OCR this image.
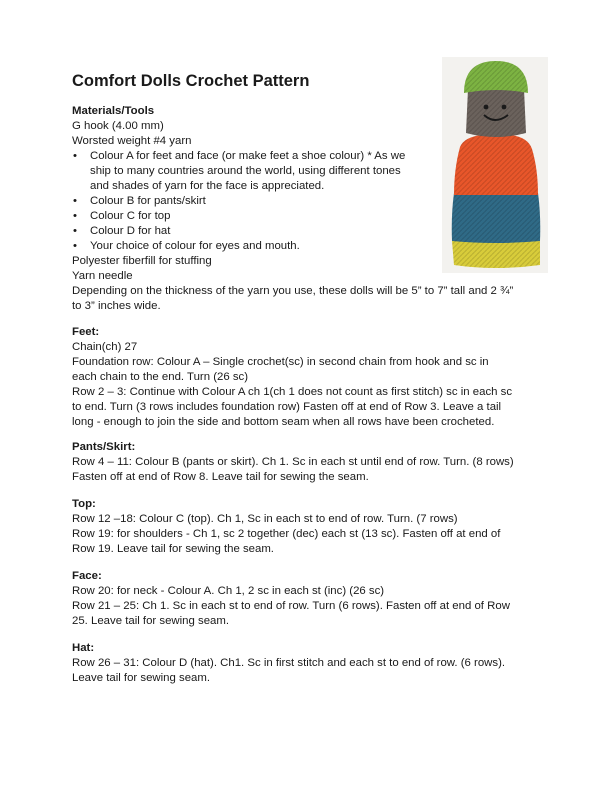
Comfort Dolls Crochet Pattern
Materials/Tools
G hook (4.00 mm)
Worsted weight #4 yarn
• Colour A for feet and face (or make feet a shoe colour) * As we
ship to many countries around the world, using different tones
and shades of yarn for the face is appreciated.
• Colour B for pants/skirt
• Colour C for top
• Colour D for hat
• Your choice of colour for eyes and mouth.
Polyester fiberfill for stuffing
Yarn needle
Depending on the thickness of the yarn you use, these dolls will be 5” to 7” tall and 2 ¾”
to 3” inches wide.
Feet:
Chain(ch) 27
Foundation row: Colour A – Single crochet(sc) in second chain from hook and sc in
each chain to the end. Turn (26 sc)
Row 2 – 3: Continue with Colour A ch 1(ch 1 does not count as first stitch) sc in each sc
to end. Turn (3 rows includes foundation row) Fasten off at end of Row 3. Leave a tail
long - enough to join the side and bottom seam when all rows have been crocheted.
Pants/Skirt:
Row 4 – 11: Colour B (pants or skirt). Ch 1. Sc in each st until end of row. Turn. (8 rows)
Fasten off at end of Row 8. Leave tail for sewing the seam.
Top:
Row 12 –18: Colour C (top). Ch 1, Sc in each st to end of row. Turn. (7 rows)
Row 19: for shoulders - Ch 1, sc 2 together (dec) each st (13 sc). Fasten off at end of
Row 19. Leave tail for sewing the seam.
Face:
Row 20: for neck - Colour A. Ch 1, 2 sc in each st (inc) (26 sc)
Row 21 – 25: Ch 1. Sc in each st to end of row. Turn (6 rows). Fasten off at end of Row
25. Leave tail for sewing seam.
Hat:
Row 26 – 31: Colour D (hat). Ch1. Sc in first stitch and each st to end of row. (6 rows).
Leave tail for sewing seam.
